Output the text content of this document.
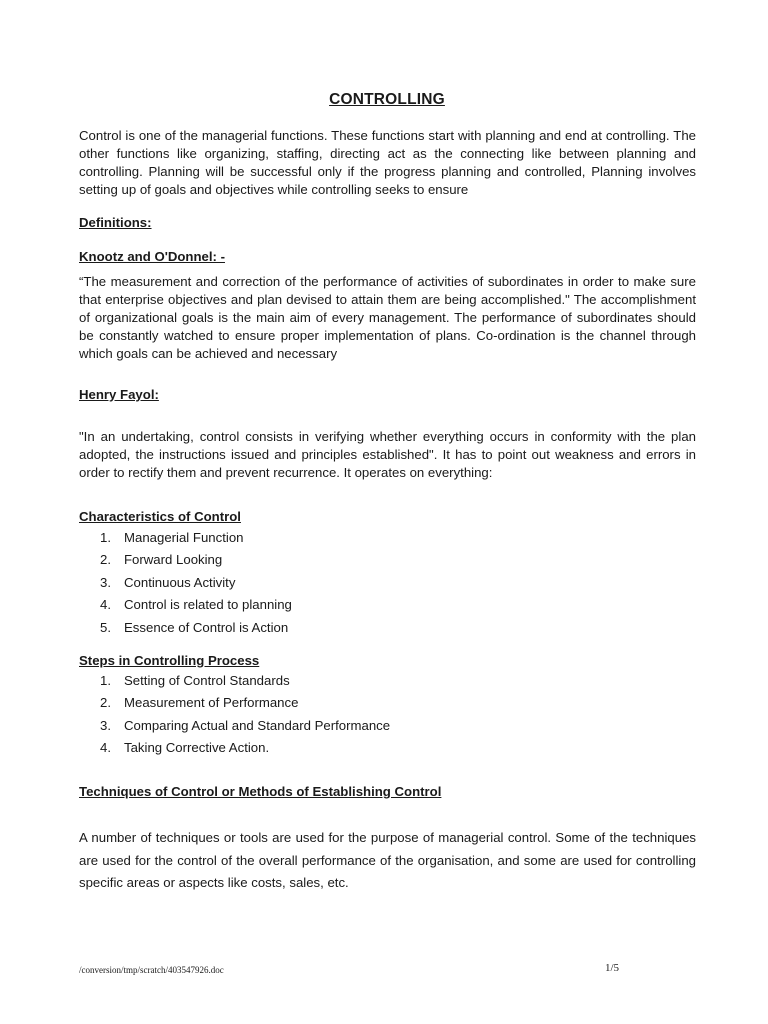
CONTROLLING
Control is one of the managerial functions. These functions start with planning and end at controlling. The other functions like organizing, staffing, directing act as the connecting like between planning and controlling. Planning will be successful only if the progress planning and controlled, Planning involves setting up of goals and objectives while controlling seeks to ensure
Definitions:
Knootz and O'Donnel: -
“The measurement and correction of the performance of activities of subordinates in order to make sure that enterprise objectives and plan devised to attain them are being accomplished." The accomplishment of organizational goals is the main aim of every management. The performance of subordinates should be constantly watched to ensure proper implementation of plans. Co-ordination is the channel through which goals can be achieved and necessary
Henry Fayol:
"In an undertaking, control consists in verifying whether everything occurs in conformity with the plan adopted, the instructions issued and principles established". It has to point out weakness and errors in order to rectify them and prevent recurrence. It operates on everything:
Characteristics of Control
1. Managerial Function
2. Forward Looking
3. Continuous Activity
4. Control is related to planning
5. Essence of Control is Action
Steps in Controlling Process
1. Setting of Control Standards
2. Measurement of Performance
3. Comparing Actual and Standard Performance
4. Taking Corrective Action.
Techniques of Control or Methods of Establishing Control
A number of techniques or tools are used for the purpose of managerial control. Some of the techniques are used for the control of the overall performance of the organisation, and some are used for controlling specific areas or aspects like costs, sales, etc.
/conversion/tmp/scratch/403547926.doc	1/5
